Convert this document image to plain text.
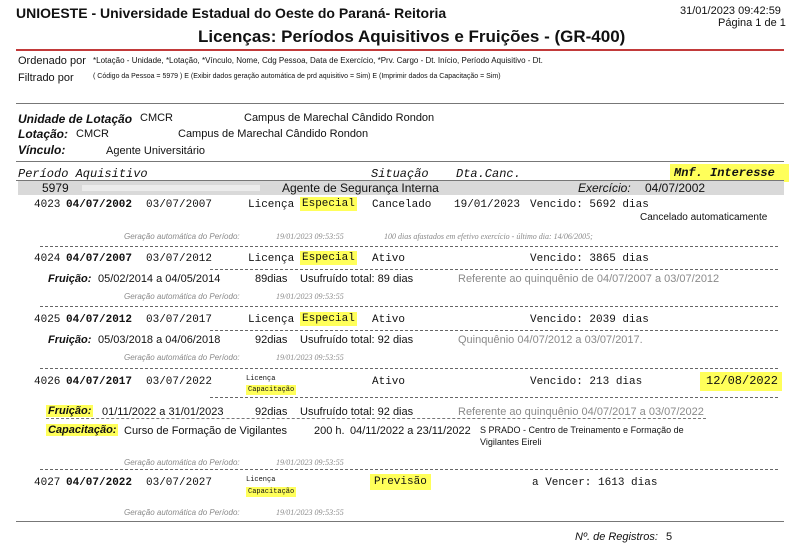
UNIOESTE - Universidade Estadual do Oeste do Paraná- Reitoria
Licenças: Períodos Aquisitivos e Fruições - (GR-400)
31/01/2023 09:42:59
Página 1 de 1
Ordenado por *Lotação - Unidade, *Lotação, *Vínculo, Nome, Cdg Pessoa, Data de Exercício, *Prv. Cargo - Dt. Início, Período Aquisitivo - Dt.
Filtrado por	( Código da Pessoa = 5979 ) E (Exibir dados geração automática de prd aquisitivo = Sim) E (Imprimir dados da Capacitação = Sim)
Unidade de Lotação CMCR	Campus de Marechal Cândido Rondon
Lotação: CMCR	Campus de Marechal Cândido Rondon
Vínculo:	Agente Universitário
Período Aquisitivo	Situação Dta.Canc.	Mnf. Interesse
5979	Agente de Segurança Interna	Exercício: 04/07/2002
4023 04/07/2002 03/07/2007	Licença Especial Cancelado 19/01/2023 Vencido: 5692 dias
Cancelado automaticamente
Geração automática do Período:	19/01/2023 09:53:55	100 dias afastados em efetivo exercício - último dia: 14/06/2005;
4024 04/07/2007 03/07/2012	Licença Especial Ativo	Vencido: 3865 dias
Fruição: 05/02/2014 a 04/05/2014	89dias Usufruído total: 89 dias	Referente ao quinquênio de 04/07/2007 a 03/07/2012
Geração automática do Período:	19/01/2023 09:53:55
4025 04/07/2012 03/07/2017	Licença Especial Ativo	Vencido: 2039 dias
Fruição: 05/03/2018 a 04/06/2018	92dias Usufruído total: 92 dias	Quinquênio 04/07/2012 a 03/07/2017.
Geração automática do Período:	19/01/2023 09:53:55
4026 04/07/2017 03/07/2022	Licença
Capacitação
Ativo	Vencido: 213 dias	12/08/2022
Fruição: 01/11/2022 a 31/01/2023	92dias Usufruído total: 92 dias	Referente ao quinquênio 04/07/2017 a 03/07/2022
Capacitação: Curso de Formação de Vigilantes 200 h. 04/11/2022 a 23/11/2022 S PRADO - Centro de Treinamento e Formação de
Vigilantes Eireli
Geração automática do Período:	19/01/2023 09:53:55
4027 04/07/2022 03/07/2027	Licença
Capacitação
Previsão	a Vencer: 1613 dias
Geração automática do Período:	19/01/2023 09:53:55
Nº. de Registros: 5
